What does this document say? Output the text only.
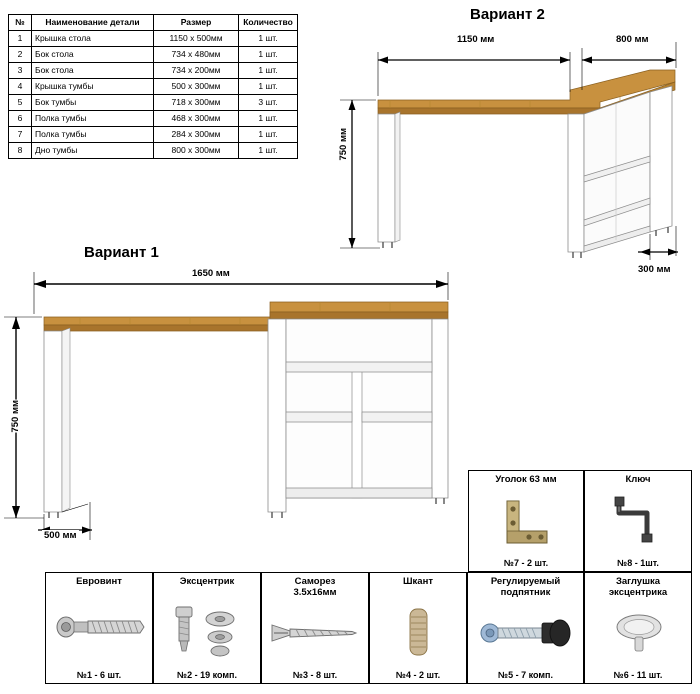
№	Наименование детали	Размер	Количество
1	Крышка стола	1150 x 500мм	1 шт.
2	Бок стола	734 х 480мм	1 шт.
3	Бок стола	734 х 200мм	1 шт.
4	Крышка тумбы	500 x 300мм	1 шт.
5	Бок тумбы	718 х 300мм	3 шт.
6	Полка тумбы	468 х 300мм	1 шт.
7	Полка тумбы	284 х 300мм	1 шт.
8	Дно тумбы	800 х 300мм	1 шт.
Вариант 2
1150 мм	800 мм
750 мм
300 мм
Вариант 1
1650 мм
750 мм
500 мм
Уголок 63 мм
№7 - 2 шт.
Ключ
№8 - 1шт.
Еврoвинт
№1 - 6 шт.
Эксцентрик
№2 - 19 комп.
Саморез
3.5х16мм
№3 - 8 шт.
Шкант
№4 - 2 шт.
Регулируемый
подпятник
№5 - 7 комп.
Заглушка
эксцентрика
№6 - 11 шт.
